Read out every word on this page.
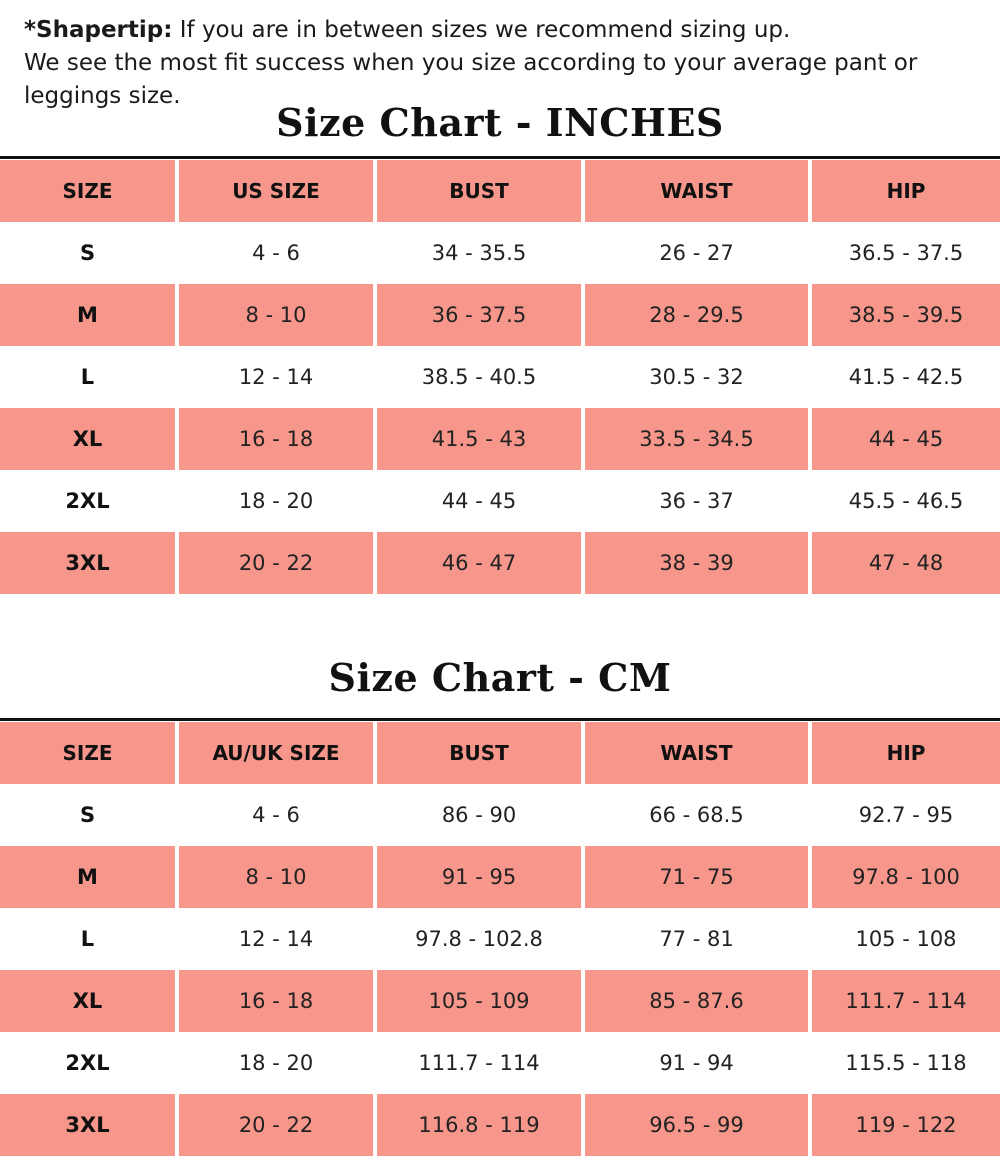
*Shapertip: If you are in between sizes we recommend sizing up.
We see the most fit success when you size according to your average pant or leggings size.
Size Chart - INCHES
SIZE	US SIZE	BUST	WAIST	HIP
S	4 - 6	34 - 35.5	26 - 27	36.5 - 37.5
M	8 - 10	36 - 37.5	28 - 29.5	38.5 - 39.5
L	12 - 14	38.5 - 40.5	30.5 - 32	41.5 - 42.5
XL	16 - 18	41.5 - 43	33.5 - 34.5	44 - 45
2XL	18 - 20	44 - 45	36 - 37	45.5 - 46.5
3XL	20 - 22	46 - 47	38 - 39	47 - 48
Size Chart - CM
SIZE	AU/UK SIZE	BUST	WAIST	HIP
S	4 - 6	86 - 90	66 - 68.5	92.7 - 95
M	8 - 10	91 - 95	71 - 75	97.8 - 100
L	12 - 14	97.8 - 102.8	77 - 81	105 - 108
XL	16 - 18	105 - 109	85 - 87.6	111.7 - 114
2XL	18 - 20	111.7 - 114	91 - 94	115.5 - 118
3XL	20 - 22	116.8 - 119	96.5 - 99	119 - 122
